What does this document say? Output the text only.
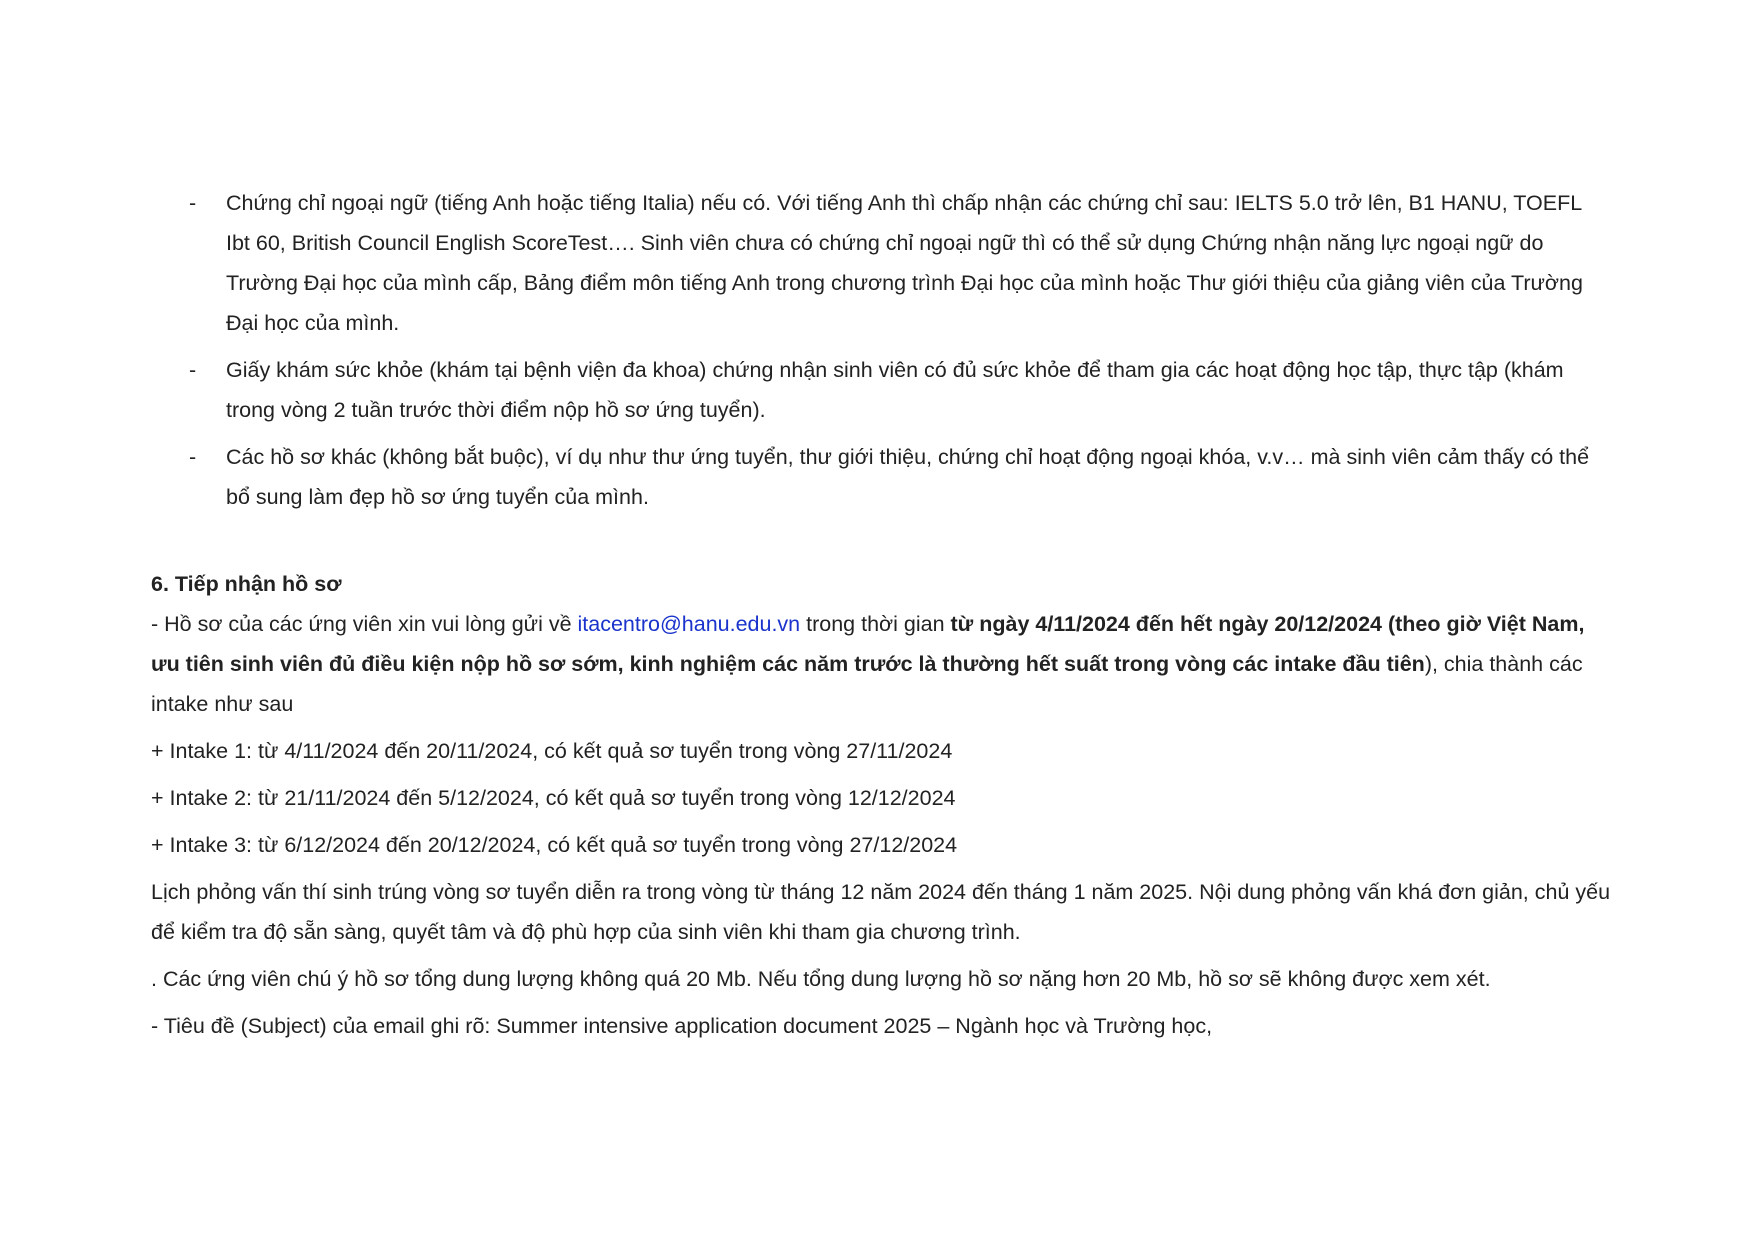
- Chứng chỉ ngoại ngữ (tiếng Anh hoặc tiếng Italia) nếu có. Với tiếng Anh thì chấp nhận các chứng chỉ sau: IELTS 5.0 trở lên, B1 HANU, TOEFL Ibt 60, British Council English ScoreTest…. Sinh viên chưa có chứng chỉ ngoại ngữ thì có thể sử dụng Chứng nhận năng lực ngoại ngữ do Trường Đại học của mình cấp, Bảng điểm môn tiếng Anh trong chương trình Đại học của mình hoặc Thư giới thiệu của giảng viên của Trường Đại học của mình.
- Giấy khám sức khỏe (khám tại bệnh viện đa khoa) chứng nhận sinh viên có đủ sức khỏe để tham gia các hoạt động học tập, thực tập (khám trong vòng 2 tuần trước thời điểm nộp hồ sơ ứng tuyển).
- Các hồ sơ khác (không bắt buộc), ví dụ như thư ứng tuyển, thư giới thiệu, chứng chỉ hoạt động ngoại khóa, v.v… mà sinh viên cảm thấy có thể bổ sung làm đẹp hồ sơ ứng tuyển của mình.

6. Tiếp nhận hồ sơ

- Hồ sơ của các ứng viên xin vui lòng gửi về itacentro@hanu.edu.vn trong thời gian từ ngày 4/11/2024 đến hết ngày 20/12/2024 (theo giờ Việt Nam, ưu tiên sinh viên đủ điều kiện nộp hồ sơ sớm, kinh nghiệm các năm trước là thường hết suất trong vòng các intake đầu tiên), chia thành các intake như sau

+ Intake 1: từ 4/11/2024 đến 20/11/2024, có kết quả sơ tuyển trong vòng 27/11/2024

+ Intake 2: từ 21/11/2024 đến 5/12/2024, có kết quả sơ tuyển trong vòng 12/12/2024

+ Intake 3: từ 6/12/2024 đến 20/12/2024, có kết quả sơ tuyển trong vòng 27/12/2024

Lịch phỏng vấn thí sinh trúng vòng sơ tuyển diễn ra trong vòng từ tháng 12 năm 2024 đến tháng 1 năm 2025. Nội dung phỏng vấn khá đơn giản, chủ yếu để kiểm tra độ sẵn sàng, quyết tâm và độ phù hợp của sinh viên khi tham gia chương trình.

. Các ứng viên chú ý hồ sơ tổng dung lượng không quá 20 Mb. Nếu tổng dung lượng hồ sơ nặng hơn 20 Mb, hồ sơ sẽ không được xem xét.

- Tiêu đề (Subject) của email ghi rõ: Summer intensive application document 2025 – Ngành học và Trường học,
